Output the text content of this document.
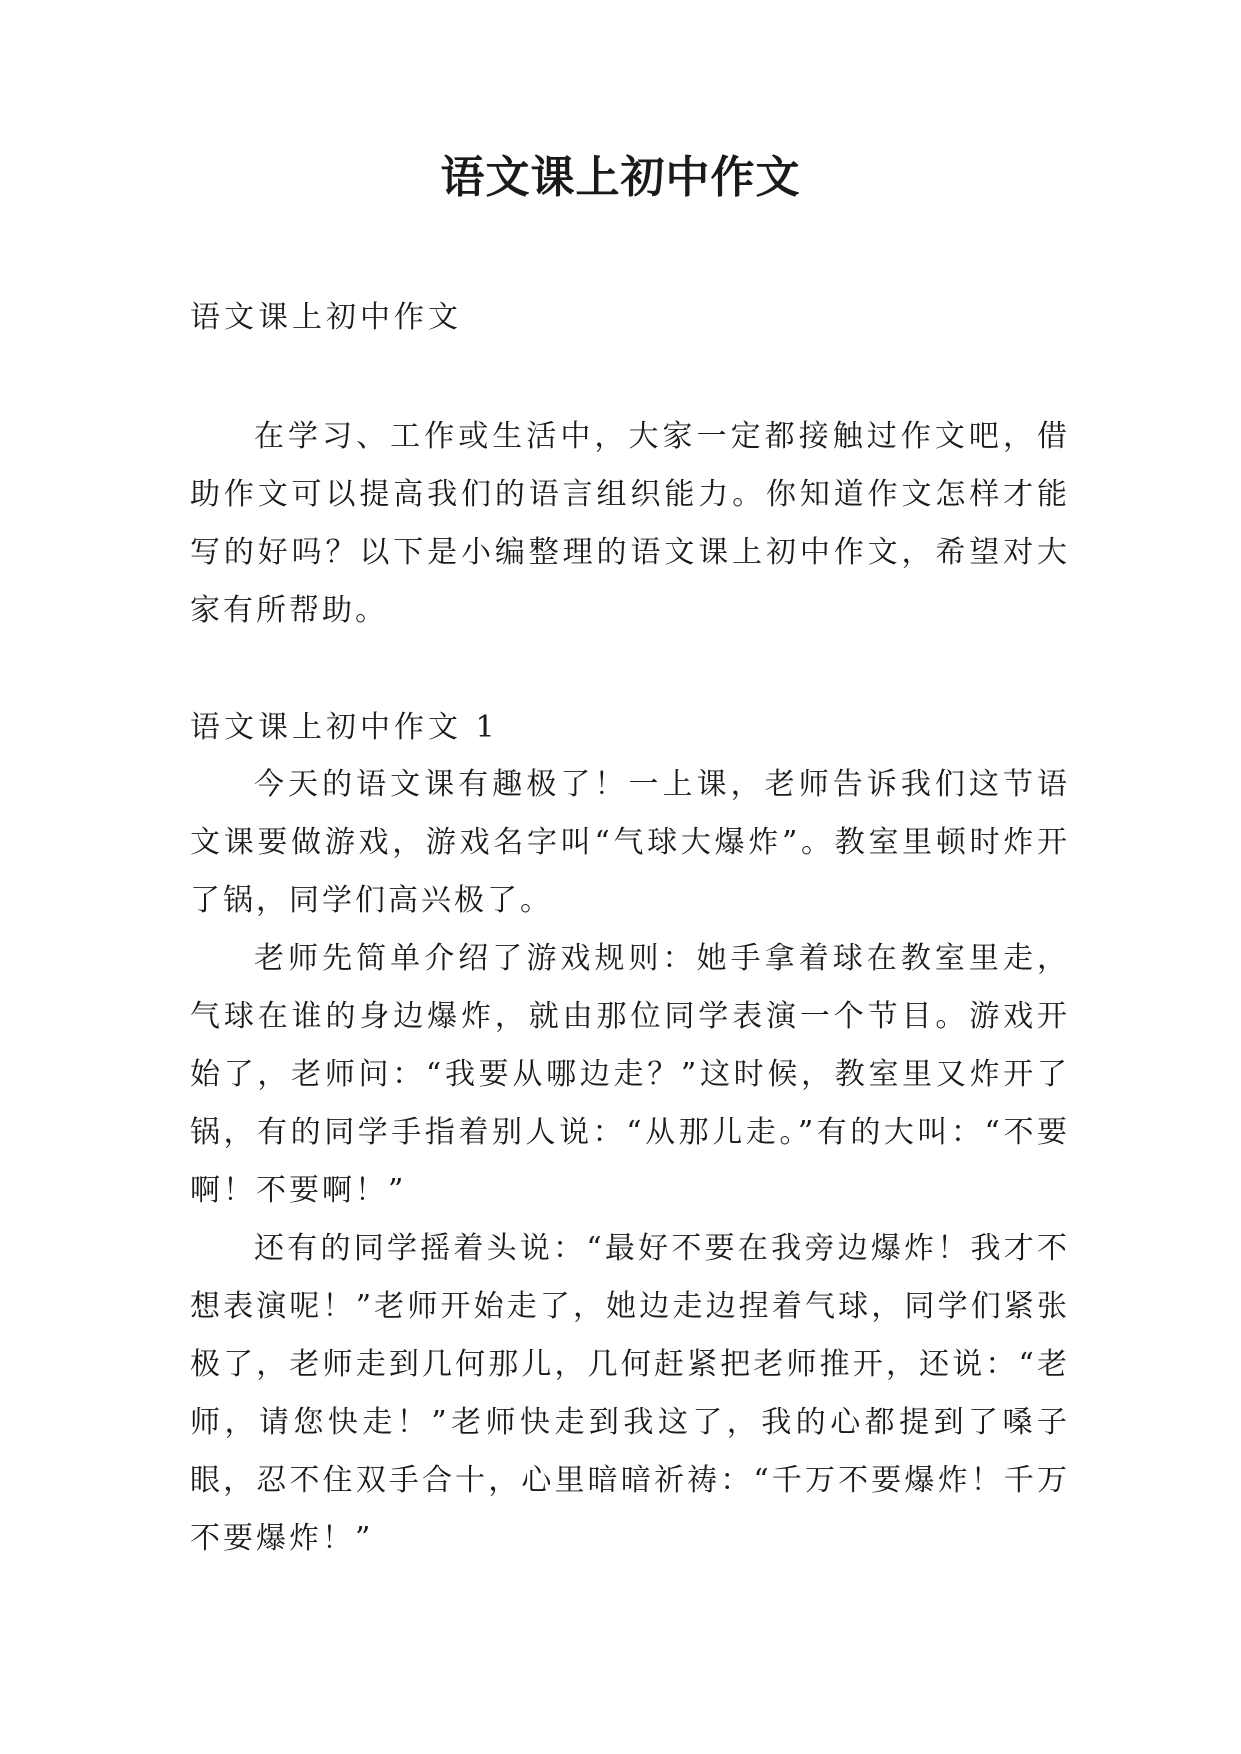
语文课上初中作文

语文课上初中作文

在学习、工作或生活中，大家一定都接触过作文吧，借助作文可以提高我们的语言组织能力。你知道作文怎样才能写的好吗？以下是小编整理的语文课上初中作文，希望对大家有所帮助。

语文课上初中作文 1

今天的语文课有趣极了！一上课，老师告诉我们这节语文课要做游戏，游戏名字叫“气球大爆炸”。教室里顿时炸开了锅，同学们高兴极了。

老师先简单介绍了游戏规则：她手拿着球在教室里走，气球在谁的身边爆炸，就由那位同学表演一个节目。游戏开始了，老师问：“我要从哪边走？”这时候，教室里又炸开了锅，有的同学手指着别人说：“从那儿走。”有的大叫：“不要啊！不要啊！”

还有的同学摇着头说：“最好不要在我旁边爆炸！我才不想表演呢！”老师开始走了，她边走边捏着气球，同学们紧张极了，老师走到几何那儿，几何赶紧把老师推开，还说：“老师，请您快走！”老师快走到我这了，我的心都提到了嗓子眼，忍不住双手合十，心里暗暗祈祷：“千万不要爆炸！千万不要爆炸！”
